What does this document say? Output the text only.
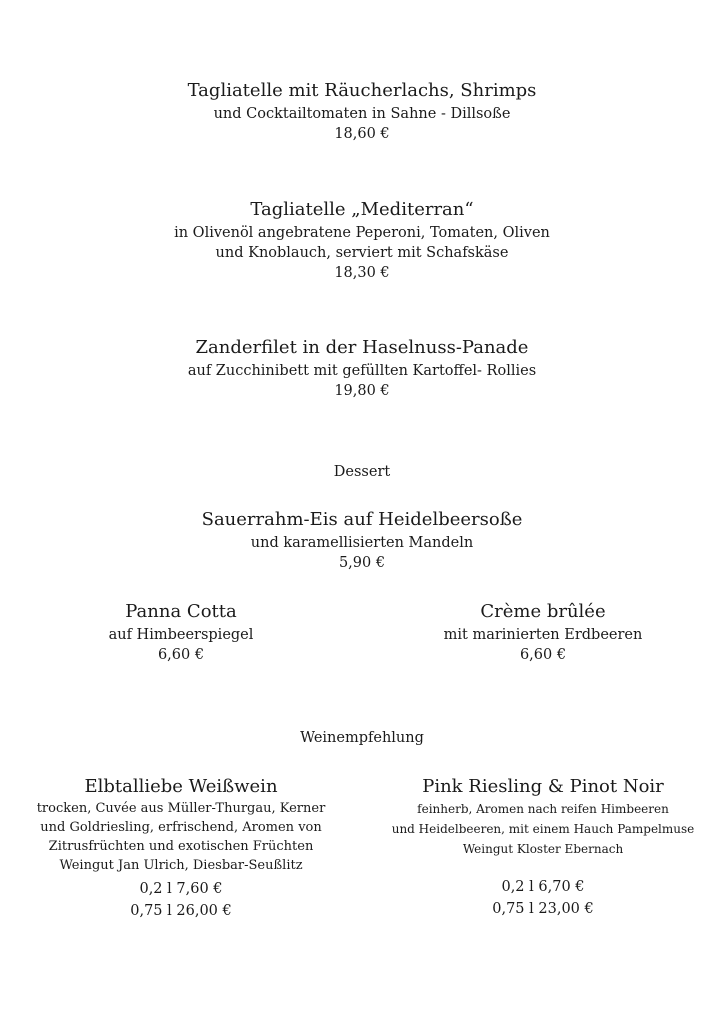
Tagliatelle mit Räucherlachs, Shrimps
und Cocktailtomaten in Sahne - Dillsoße
18,60 €
Tagliatelle „Mediterran“
in Olivenöl angebratene Peperoni, Tomaten, Oliven
und Knoblauch, serviert mit Schafskäse
18,30 €
Zanderfilet in der Haselnuss-Panade
auf Zucchinibett mit gefüllten Kartoffel- Rollies
19,80 €
Dessert
Sauerrahm-Eis auf Heidelbeersoße
und karamellisierten Mandeln
5,90 €
Panna Cotta
auf Himbeerspiegel
6,60 €
Crème brûlée
mit marinierten Erdbeeren
6,60 €
Weinempfehlung
Elbtalliebe Weißwein
trocken, Cuvée aus Müller-Thurgau, Kerner
und Goldriesling, erfrischend, Aromen von
Zitrusfrüchten und exotischen Früchten
Weingut Jan Ulrich, Diesbar-Seußlitz
0,2 l 7,60 €
0,75 l 26,00 €
Pink Riesling & Pinot Noir
feinherb, Aromen nach reifen Himbeeren
und Heidelbeeren, mit einem Hauch Pampelmuse
Weingut Kloster Ebernach
0,2 l 6,70 €
0,75 l 23,00 €
